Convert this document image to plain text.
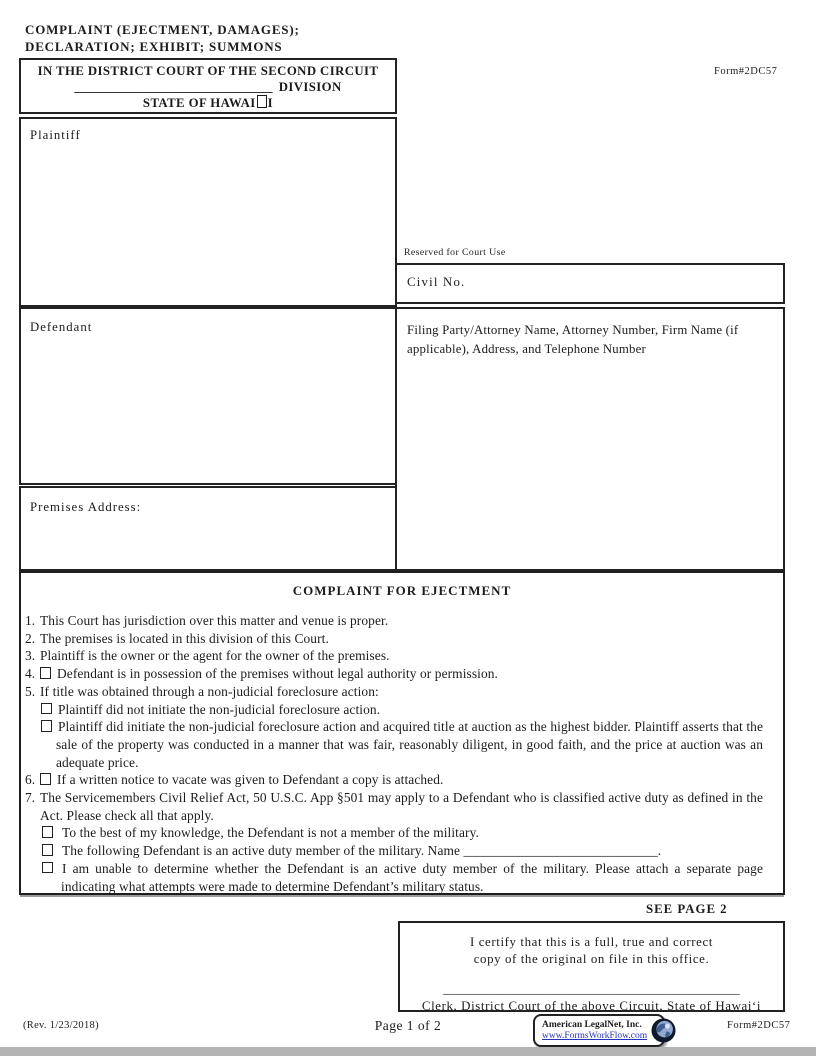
COMPLAINT (EJECTMENT, DAMAGES);
DECLARATION; EXHIBIT; SUMMONS
Form#2DC57
IN THE DISTRICT COURT OF THE SECOND CIRCUIT
_______________________________ DIVISION
STATE OF HAWAI I
Plaintiff
Reserved for Court Use
Civil No.
Defendant	Filing Party/Attorney Name, Attorney Number, Firm Name (if applicable), Address, and Telephone Number
Premises Address:
COMPLAINT FOR EJECTMENT
1. This Court has jurisdiction over this matter and venue is proper.
2. The premises is located in this division of this Court.
3. Plaintiff is the owner or the agent for the owner of the premises.
4. Defendant is in possession of the premises without legal authority or permission.
5. If title was obtained through a non-judicial foreclosure action:
Plaintiff did not initiate the non-judicial foreclosure action.
Plaintiff did initiate the non-judicial foreclosure action and acquired title at auction as the highest bidder. Plaintiff asserts that the sale of the property was conducted in a manner that was fair, reasonably diligent, in good faith, and the price at auction was an adequate price.
6. If a written notice to vacate was given to Defendant a copy is attached.
7. The Servicemembers Civil Relief Act, 50 U.S.C. App §501 may apply to a Defendant who is classified active duty as defined in the Act. Please check all that apply.
To the best of my knowledge, the Defendant is not a member of the military.
The following Defendant is an active duty member of the military. Name _____________________________.
I am unable to determine whether the Defendant is an active duty member of the military. Please attach a separate page indicating what attempts were made to determine Defendant’s military status.
SEE PAGE 2
I certify that this is a full, true and correct
copy of the original on file in this office.
______________________________________________
Clerk, District Court of the above Circuit, State of Hawaiʻi
(Rev. 1/23/2018)	Page 1 of 2	Form#2DC57
American LegalNet, Inc.
www.FormsWorkFlow.com
